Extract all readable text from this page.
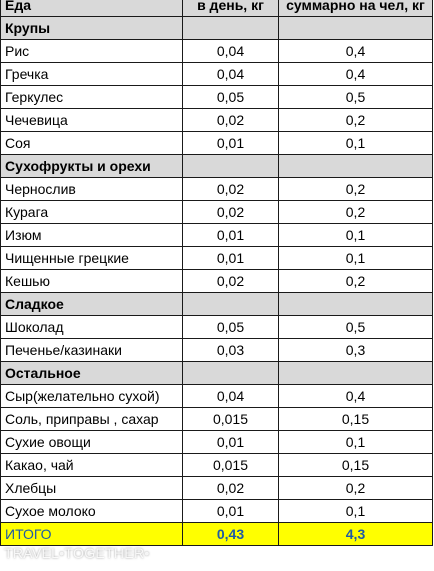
Еда	в день, кг	суммарно на чел, кг
Крупы		
Рис	0,04	0,4
Гречка	0,04	0,4
Геркулес	0,05	0,5
Чечевица	0,02	0,2
Соя	0,01	0,1
Сухофрукты и орехи		
Чернослив	0,02	0,2
Курага	0,02	0,2
Изюм	0,01	0,1
Чищенные грецкие	0,01	0,1
Кешью	0,02	0,2
Сладкое		
Шоколад	0,05	0,5
Печенье/казинаки	0,03	0,3
Остальное		
Сыр(желательно сухой)	0,04	0,4
Соль, приправы , сахар	0,015	0,15
Сухие овощи	0,01	0,1
Какао, чай	0,015	0,15
Хлебцы	0,02	0,2
Сухое молоко	0,01	0,1
ИТОГО	0,43	4,3
TRAVEL•TOGETHER•
